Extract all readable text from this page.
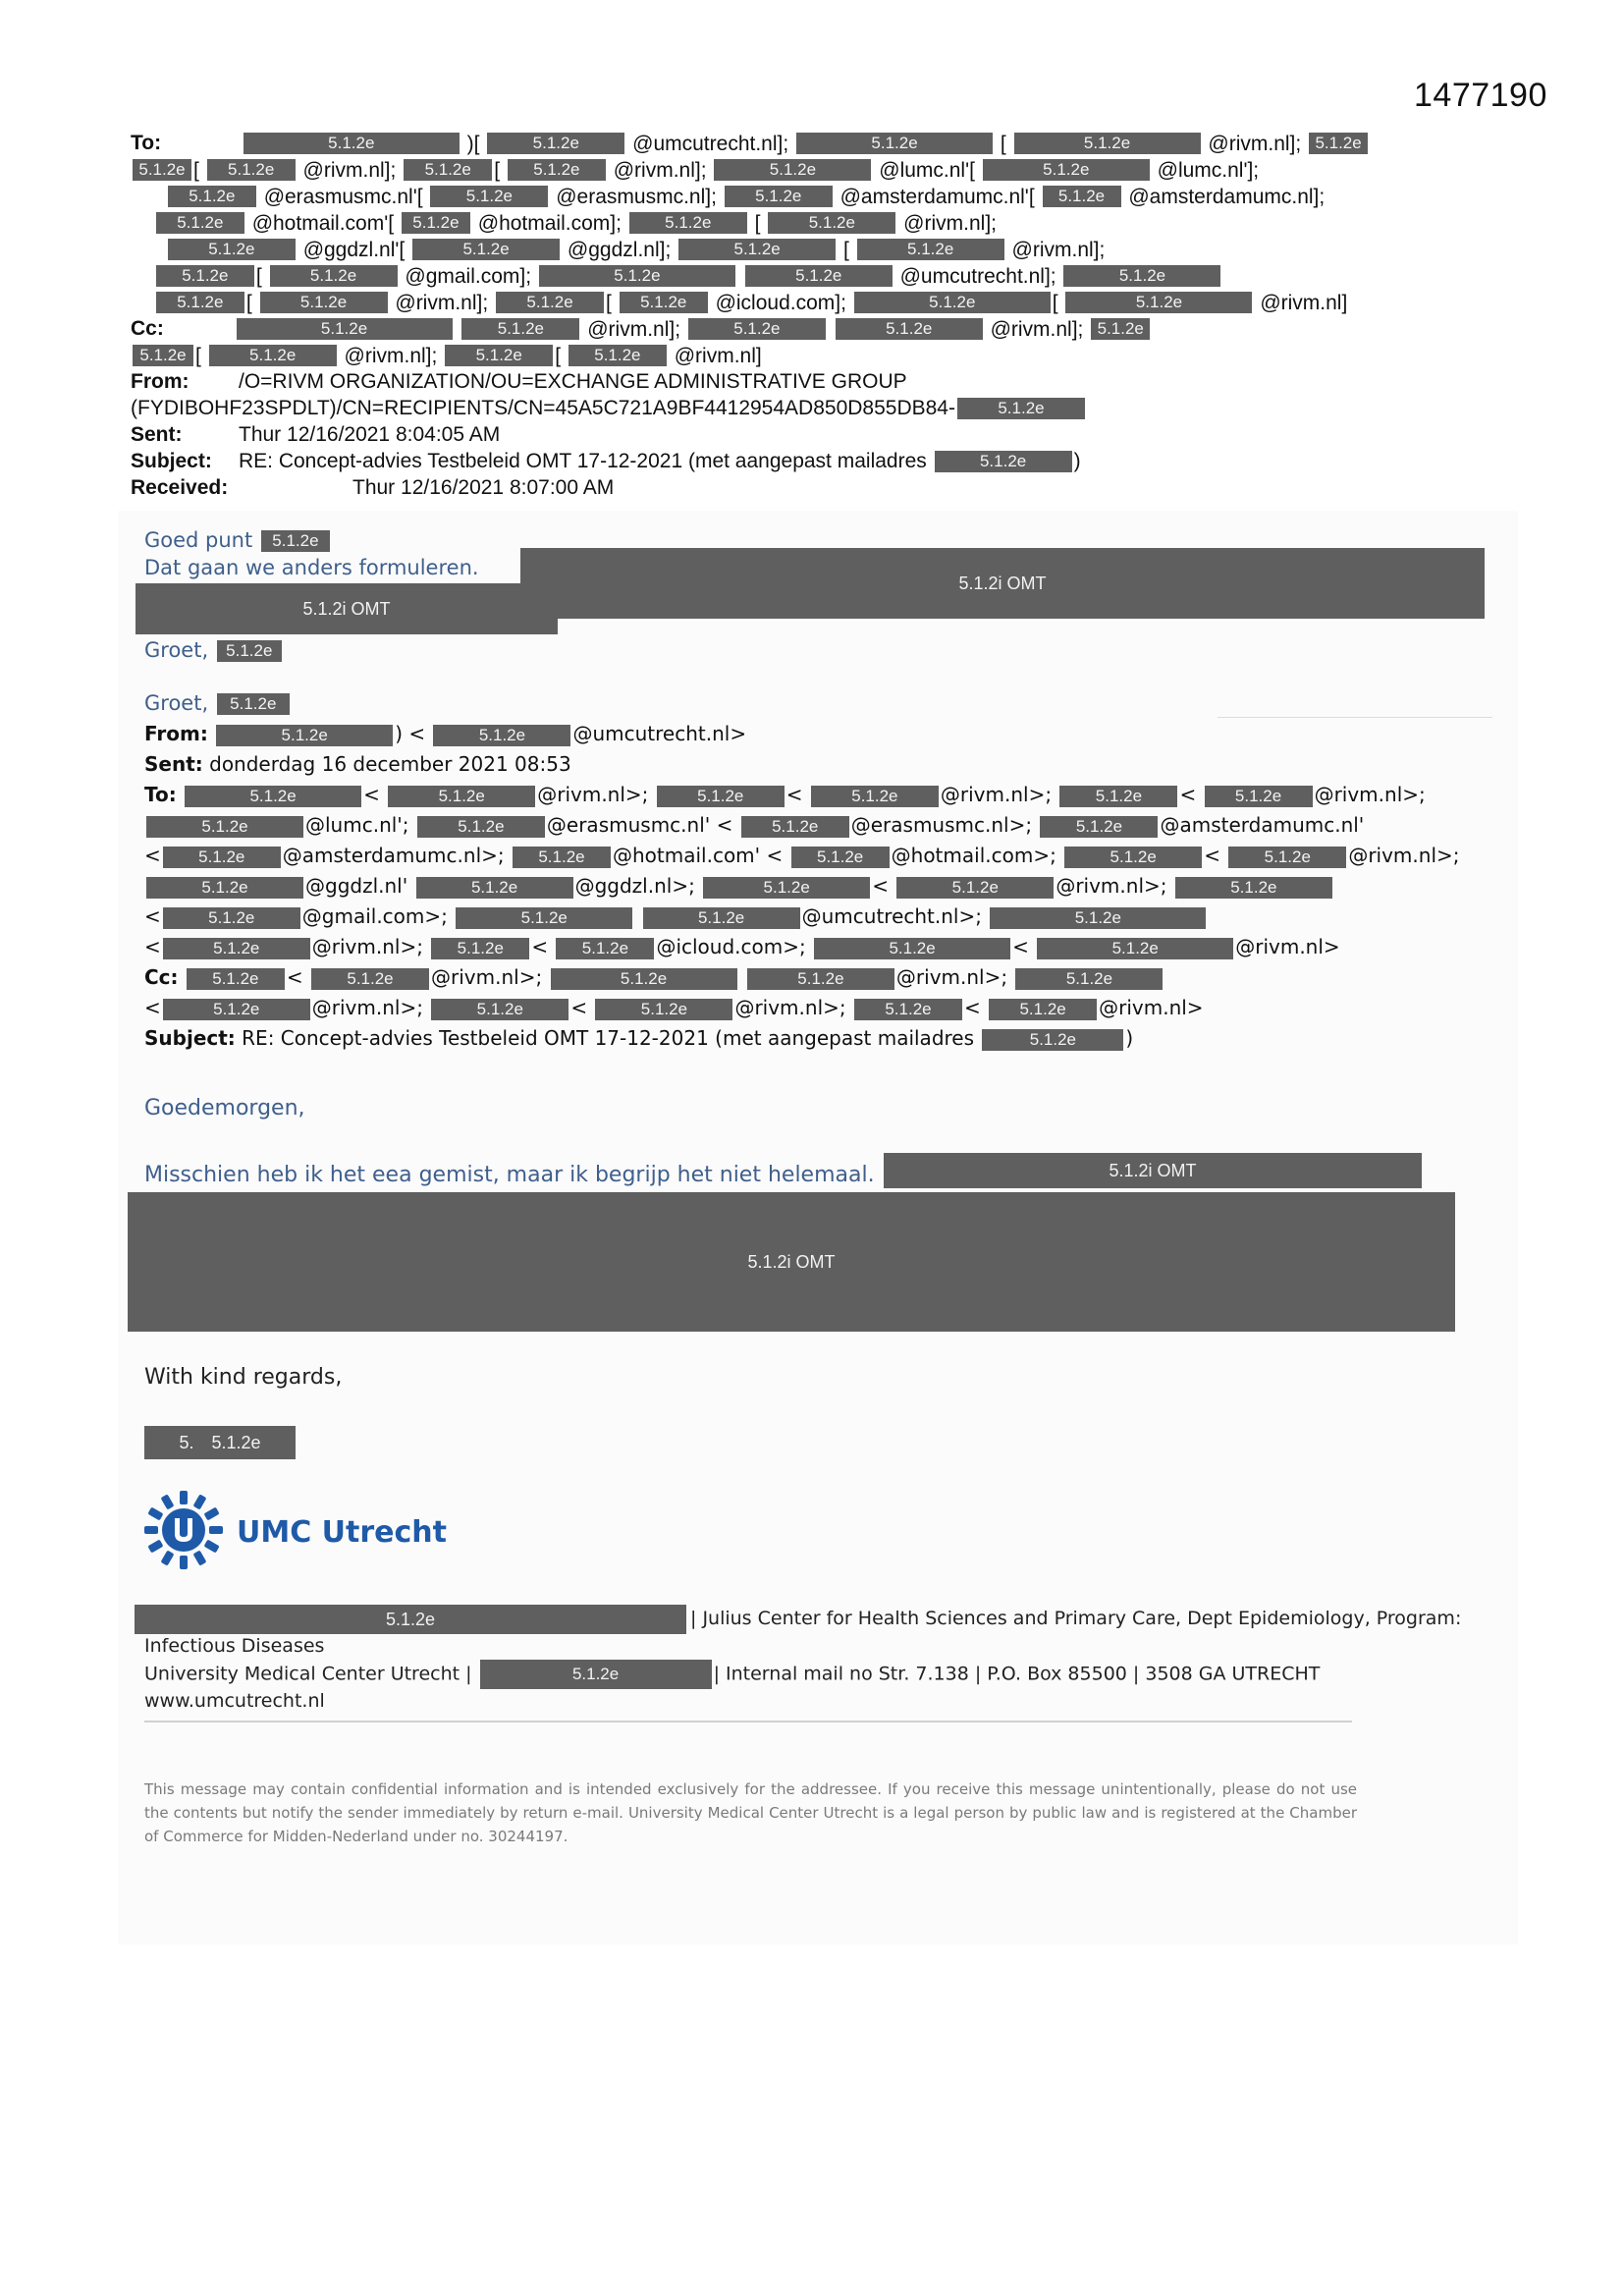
1477190
To:	5.1.2e	)[	5.1.2e	@umcutrecht.nl];	5.1.2e	[	5.1.2e	@rivm.nl]; 5.1.2e
5.1.2e [ 5.1.2e @rivm.nl]; 5.1.2e [ 5.1.2e @rivm.nl];	5.1.2e	@lumc.nl'[	5.1.2e	@lumc.nl'];
5.1.2e @erasmusmc.nl'[	5.1.2e @erasmusmc.nl]; 5.1.2e @amsterdamumc.nl'[ 5.1.2e @amsterdamumc.nl];
5.1.2e @hotmail.com'[ 5.1.2e @hotmail.com];	5.1.2e [	5.1.2e @rivm.nl];
5.1.2e @ggdzl.nl'[	5.1.2e	@ggdzl.nl];	5.1.2e	[	5.1.2e	@rivm.nl];
5.1.2e [	5.1.2e @gmail.com];	5.1.2e	5.1.2e	@umcutrecht.nl];	5.1.2e
5.1.2e [	5.1.2e @rivm.nl]; 5.1.2e [ 5.1.2e @icloud.com];	5.1.2e	[	5.1.2e	@rivm.nl]
Cc:	5.1.2e	5.1.2e @rivm.nl];	5.1.2e	5.1.2e	@rivm.nl]; 5.1.2e
5.1.2e [	5.1.2e @rivm.nl]; 5.1.2e [ 5.1.2e @rivm.nl]
From: /O=RIVM ORGANIZATION/OU=EXCHANGE ADMINISTRATIVE GROUP
(FYDIBOHF23SPDLT)/CN=RECIPIENTS/CN=45A5C721A9BF4412954AD850D855DB84-	5.1.2e
Sent:	Thur 12/16/2021 8:04:05 AM
Subject: RE: Concept-advies Testbeleid OMT 17-12-2021 (met aangepast mailadres	5.1.2e )
Received:	Thur 12/16/2021 8:07:00 AM
Goed punt 5.1.2e
Dat gaan we anders formuleren.
5.1.2i OMT
5.1.2i OMT
Groet, 5.1.2e
Groet, 5.1.2e
From:	5.1.2e	) <	5.1.2e @umcutrecht.nl>
Sent: donderdag 16 december 2021 08:53
To:	5.1.2e	<	5.1.2e	@rivm.nl>;	5.1.2e <	5.1.2e @rivm.nl>;	5.1.2e < 5.1.2e @rivm.nl>;
5.1.2e	@lumc.nl';	5.1.2e @erasmusmc.nl' < 5.1.2e @erasmusmc.nl>;	5.1.2e @amsterdamumc.nl'
< 5.1.2e @amsterdamumc.nl>; 5.1.2e @hotmail.com' < 5.1.2e @hotmail.com>;	5.1.2e <	5.1.2e @rivm.nl>;
5.1.2e	@ggdzl.nl'	5.1.2e	@ggdzl.nl>;	5.1.2e	<	5.1.2e	@rivm.nl>;	5.1.2e
<	5.1.2e @gmail.com>;	5.1.2e	5.1.2e	@umcutrecht.nl>;	5.1.2e
<	5.1.2e	@rivm.nl>; 5.1.2e < 5.1.2e @icloud.com>;	5.1.2e	<	5.1.2e	@rivm.nl>
Cc: 5.1.2e <	5.1.2e @rivm.nl>;	5.1.2e	5.1.2e	@rivm.nl>;	5.1.2e
<	5.1.2e	@rivm.nl>;	5.1.2e <	5.1.2e @rivm.nl>; 5.1.2e < 5.1.2e @rivm.nl>
Subject: RE: Concept-advies Testbeleid OMT 17-12-2021 (met aangepast mailadres	5.1.2e	)
Goedemorgen,
Misschien heb ik het eea gemist, maar ik begrijp het niet helemaal.	5.1.2i OMT
5.1.2i OMT
With kind regards,
5. 5.1.2e
UMC Utrecht
5.1.2e	| Julius Center for Health Sciences and Primary Care, Dept Epidemiology, Program:
Infectious Diseases
University Medical Center Utrecht |	5.1.2e	| Internal mail no Str. 7.138 | P.O. Box 85500 | 3508 GA UTRECHT
www.umcutrecht.nl
This message may contain confidential information and is intended exclusively for the addressee. If you receive this message unintentionally, please do not use the contents but notify the sender immediately by return e-mail. University Medical Center Utrecht is a legal person by public law and is registered at the Chamber of Commerce for Midden-Nederland under no. 30244197.
